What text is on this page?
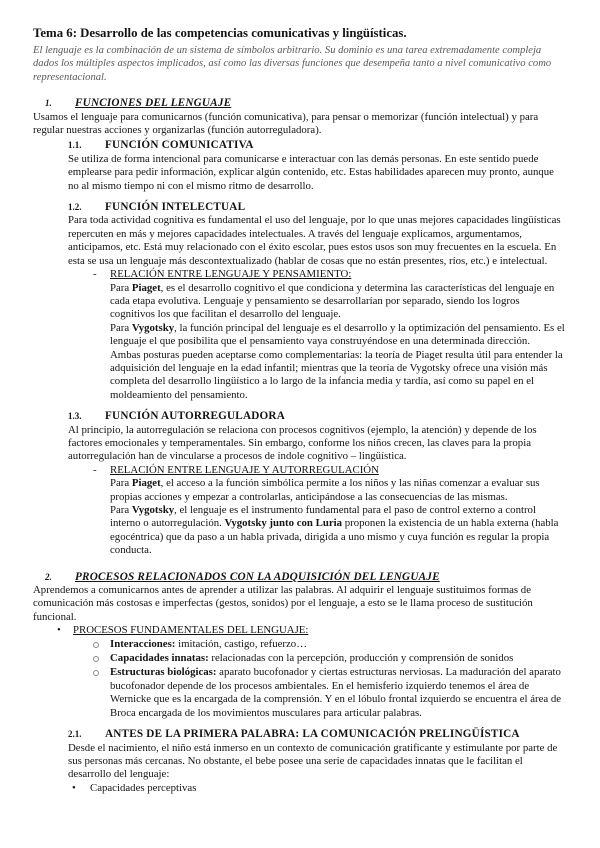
Tema 6: Desarrollo de las competencias comunicativas y lingüísticas.
El lenguaje es la combinación de un sistema de símbolos arbitrario. Su dominio es una tarea extremadamente compleja dados los múltiples aspectos implicados, así como las diversas funciones que desempeña tanto a nivel comunicativo como representacional.
1.	FUNCIONES DEL LENGUAJE
Usamos el lenguaje para comunicarnos (función comunicativa), para pensar o memorizar (función intelectual) y para regular nuestras acciones y organizarlas (función autorreguladora).
1.1.	FUNCIÓN COMUNICATIVA
Se utiliza de forma intencional para comunicarse e interactuar con las demás personas. En este sentido puede emplearse para pedir información, explicar algún contenido, etc. Estas habilidades aparecen muy pronto, aunque no al mismo tiempo ni con el mismo ritmo de desarrollo.
1.2.	FUNCIÓN INTELECTUAL
Para toda actividad cognitiva es fundamental el uso del lenguaje, por lo que unas mejores capacidades lingüísticas repercuten en más y mejores capacidades intelectuales. A través del lenguaje explicamos, argumentamos, anticipamos, etc. Está muy relacionado con el éxito escolar, pues estos usos son muy frecuentes en la escuela. En esta se usa un lenguaje más descontextualizado (hablar de cosas que no están presentes, ríos, etc.) e intelectual.
-
RELACIÓN ENTRE LENGUAJE Y PENSAMIENTO:
Para Piaget, es el desarrollo cognitivo el que condiciona y determina las características del lenguaje en cada etapa evolutiva. Lenguaje y pensamiento se desarrollarían por separado, siendo los logros cognitivos los que facilitan el desarrollo del lenguaje.
Para Vygotsky, la función principal del lenguaje es el desarrollo y la optimización del pensamiento. Es el lenguaje el que posibilita que el pensamiento vaya construyéndose en una determinada dirección.
Ambas posturas pueden aceptarse como complementarias: la teoría de Piaget resulta útil para entender la adquisición del lenguaje en la edad infantil; mientras que la teoría de Vygotsky ofrece una visión más completa del desarrollo lingüístico a lo largo de la infancia media y tardía, así como su papel en el moldeamiento del pensamiento.
1.3.	FUNCIÓN AUTORREGULADORA
Al principio, la autorregulación se relaciona con procesos cognitivos (ejemplo, la atención) y depende de los factores emocionales y temperamentales. Sin embargo, conforme los niños crecen, las claves para la propia autorregulación han de vincularse a procesos de índole cognitivo – lingüística.
-
RELACIÓN ENTRE LENGUAJE Y AUTORREGULACIÓN
Para Piaget, el acceso a la función simbólica permite a los niños y las niñas comenzar a evaluar sus propias acciones y empezar a controlarlas, anticipándose a las consecuencias de las mismas.
Para Vygotsky, el lenguaje es el instrumento fundamental para el paso de control externo a control interno o autorregulación. Vygotsky junto con Luria proponen la existencia de un habla externa (habla egocéntrica) que da paso a un habla privada, dirigida a uno mismo y cuya función es regular la propia conducta.
2.	PROCESOS RELACIONADOS CON LA ADQUISICIÓN DEL LENGUAJE
Aprendemos a comunicarnos antes de aprender a utilizar las palabras. Al adquirir el lenguaje sustituimos formas de comunicación más costosas e imperfectas (gestos, sonidos) por el lenguaje, a esto se le llama proceso de sustitución funcional.
•
PROCESOS FUNDAMENTALES DEL LENGUAJE:
Interacciones: imitación, castigo, refuerzo…
Capacidades innatas: relacionadas con la percepción, producción y comprensión de sonidos
Estructuras biológicas: aparato bucofonador y ciertas estructuras nerviosas. La maduración del aparato bucofonador depende de los procesos ambientales. En el hemisferio izquierdo tenemos el área de Wernicke que es la encargada de la comprensión. Y en el lóbulo frontal izquierdo se encuentra el área de Broca encargada de los movimientos musculares para articular palabras.
2.1.	ANTES DE LA PRIMERA PALABRA: LA COMUNICACIÓN PRELINGÜÍSTICA
Desde el nacimiento, el niño está inmerso en un contexto de comunicación gratificante y estimulante por parte de sus personas más cercanas. No obstante, el bebe posee una serie de capacidades innatas que le facilitan el desarrollo del lenguaje:
•
Capacidades perceptivas
